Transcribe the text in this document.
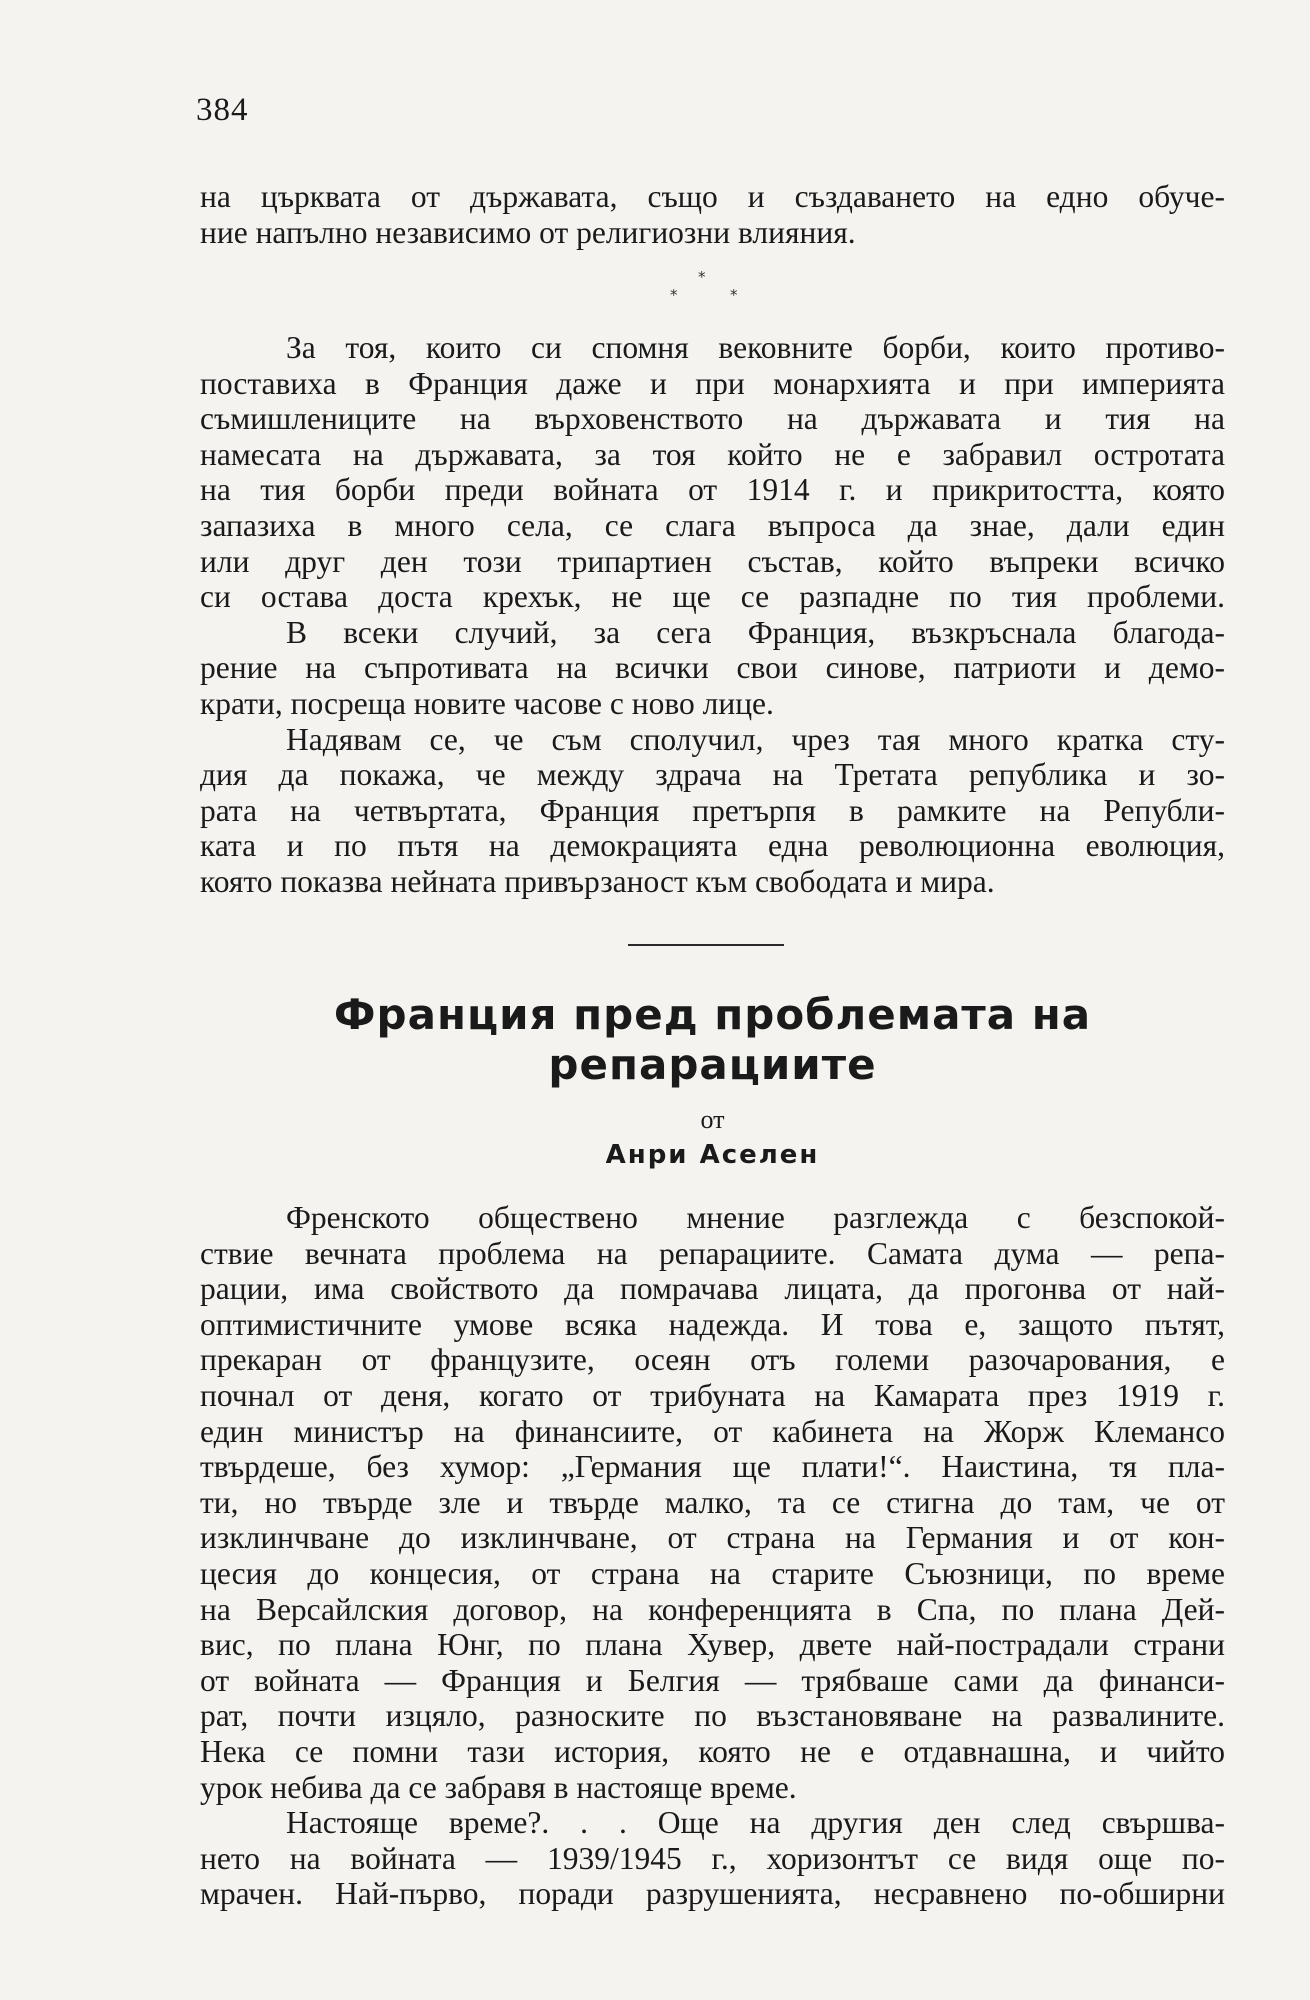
384
на църквата от държавата, също и създаването на едно обуче-
ние напълно независимо от религиозни влияния.
*
*	*

За тоя, които си спомня вековните борби, които противо-
поставиха в Франция даже и при монархията и при империята
съмишлениците на върховенството на държавата и тия на
намесата на държавата, за тоя който не е забравил остротата
на тия борби преди войната от 1914 г. и прикритостта, която
запазиха в много села, се слага въпроса да знае, дали един
или друг ден този трипартиен състав, който въпреки всичко
си остава доста крехък, не ще се разпадне по тия проблеми.

В всеки случий, за сега Франция, възкръснала благода-
рение на съпротивата на всички свои синове, патриоти и демо-
крати, посреща новите часове с ново лице.

Надявам се, че съм сполучил, чрез тая много кратка сту-
дия да покажа, че между здрача на Третата република и зо-
рата на четвъртата, Франция претърпя в рамките на Републи-
ката и по пътя на демокрацията една революционна еволюция,
която показва нейната привързаност към свободата и мира.

Франция пред проблемата на
репарациите
от
Анри Аселен

Френското обществено мнение разглежда с безспокой-
ствие вечната проблема на репарациите. Самата дума — репа-
рации, има свойството да помрачава лицата, да прогонва от най-
оптимистичните умове всяка надежда. И това е, защото пътят,
прекаран от французите, осеян отъ големи разочарования, е
почнал от деня, когато от трибуната на Камарата през 1919 г.
един министър на финансиите, от кабинета на Жорж Клемансо
твърдеше, без хумор: „Германия ще плати!“. Наистина, тя пла-
ти, но твърде зле и твърде малко, та се стигна до там, че от
изклинчване до изклинчване, от страна на Германия и от кон-
цесия до концесия, от страна на старите Съюзници, по време
на Версайлския договор, на конференцията в Спа, по плана Дей-
вис, по плана Юнг, по плана Хувер, двете най-пострадали страни
от войната — Франция и Белгия — трябваше сами да финанси-
рат, почти изцяло, разноските по възстановяване на развалините.
Нека се помни тази история, която не е отдавнашна, и чийто
урок небива да се забравя в настояще време.

Настояще време?. . . Още на другия ден след свършва-
нето на войната — 1939/1945 г., хоризонтът се видя още по-
мрачен. Най-първо, поради разрушенията, несравнено по-обширни
